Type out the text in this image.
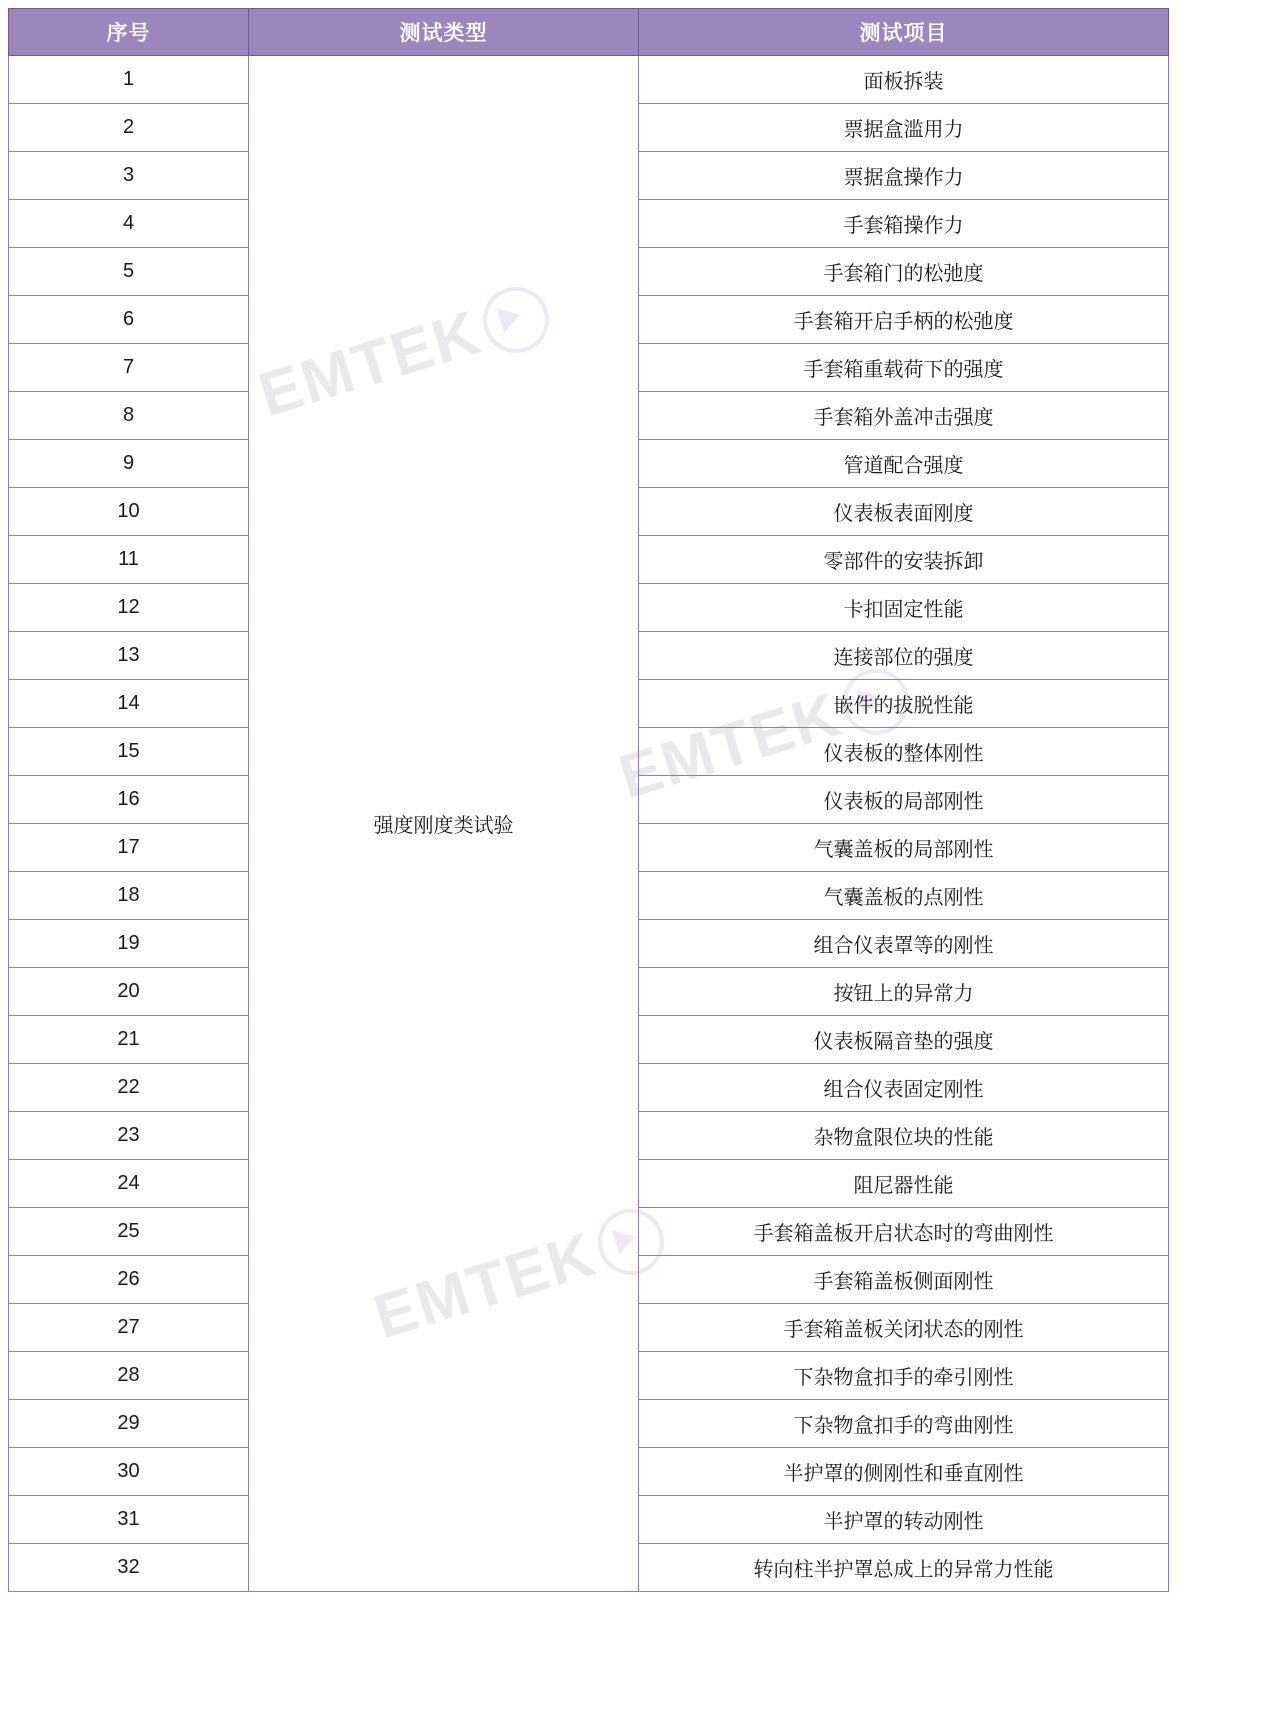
EMTEK
EMTEK
EMTEK
序号	测试类型	测试项目
1	强度刚度类试验	面板拆装
2		票据盒滥用力
3		票据盒操作力
4		手套箱操作力
5		手套箱门的松弛度
6		手套箱开启手柄的松弛度
7		手套箱重载荷下的强度
8		手套箱外盖冲击强度
9		管道配合强度
10		仪表板表面刚度
11		零部件的安装拆卸
12		卡扣固定性能
13		连接部位的强度
14		嵌件的拔脱性能
15		仪表板的整体刚性
16		仪表板的局部刚性
17		气囊盖板的局部刚性
18		气囊盖板的点刚性
19		组合仪表罩等的刚性
20		按钮上的异常力
21		仪表板隔音垫的强度
22		组合仪表固定刚性
23		杂物盒限位块的性能
24		阻尼器性能
25		手套箱盖板开启状态时的弯曲刚性
26		手套箱盖板侧面刚性
27		手套箱盖板关闭状态的刚性
28		下杂物盒扣手的牵引刚性
29		下杂物盒扣手的弯曲刚性
30		半护罩的侧刚性和垂直刚性
31		半护罩的转动刚性
32		转向柱半护罩总成上的异常力性能
